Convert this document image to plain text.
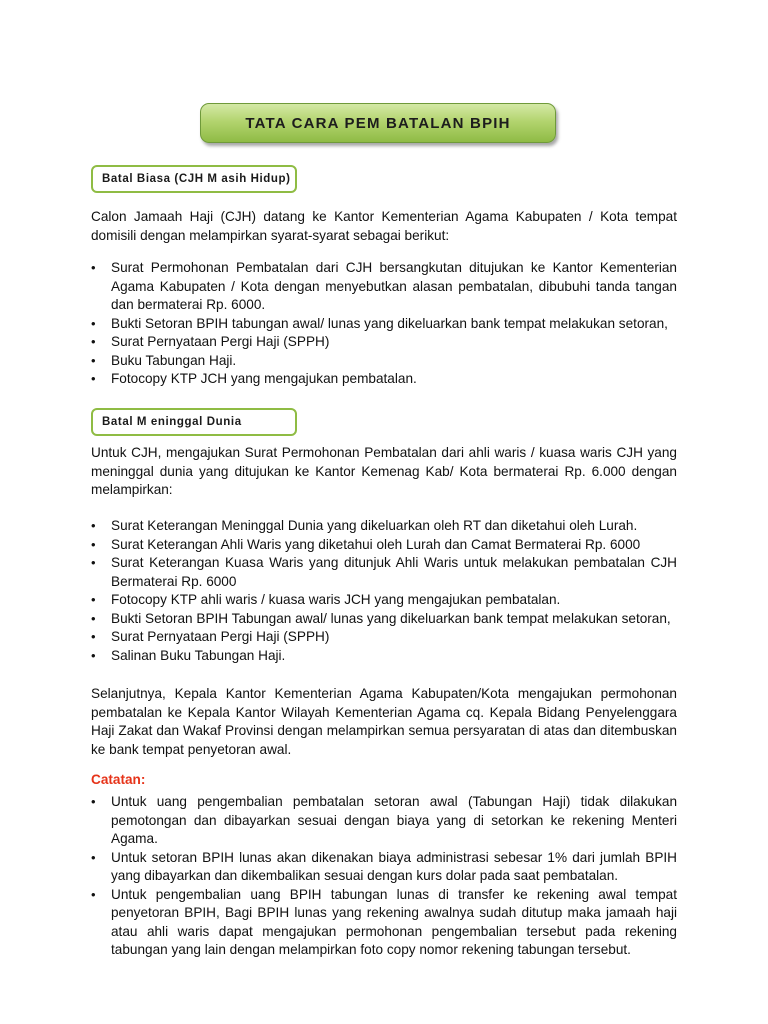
TATA CARA PEM BATALAN BPIH
Batal Biasa (CJH M asih Hidup)

Calon Jamaah Haji (CJH) datang ke Kantor Kementerian Agama Kabupaten / Kota tempat domisili dengan melampirkan syarat-syarat sebagai berikut:

• Surat Permohonan Pembatalan dari CJH bersangkutan ditujukan ke Kantor Kementerian Agama Kabupaten / Kota dengan menyebutkan alasan pembatalan, dibubuhi tanda tangan dan bermaterai Rp. 6000.
• Bukti Setoran BPIH tabungan awal/ lunas yang dikeluarkan bank tempat melakukan setoran,
• Surat Pernyataan Pergi Haji (SPPH)
• Buku Tabungan Haji.
• Fotocopy KTP JCH yang mengajukan pembatalan.
Batal M eninggal Dunia

Untuk CJH, mengajukan Surat Permohonan Pembatalan dari ahli waris / kuasa waris CJH yang meninggal dunia yang ditujukan ke Kantor Kemenag Kab/ Kota bermaterai Rp. 6.000 dengan melampirkan:

• Surat Keterangan Meninggal Dunia yang dikeluarkan oleh RT dan diketahui oleh Lurah.
• Surat Keterangan Ahli Waris yang diketahui oleh Lurah dan Camat Bermaterai Rp. 6000
• Surat Keterangan Kuasa Waris yang ditunjuk Ahli Waris untuk melakukan pembatalan CJH Bermaterai Rp. 6000
• Fotocopy KTP ahli waris / kuasa waris JCH yang mengajukan pembatalan.
• Bukti Setoran BPIH Tabungan awal/ lunas yang dikeluarkan bank tempat melakukan setoran,
• Surat Pernyataan Pergi Haji (SPPH)
• Salinan Buku Tabungan Haji.

Selanjutnya, Kepala Kantor Kementerian Agama Kabupaten/Kota mengajukan permohonan pembatalan ke Kepala Kantor Wilayah Kementerian Agama cq. Kepala Bidang Penyelenggara Haji Zakat dan Wakaf Provinsi dengan melampirkan semua persyaratan di atas dan ditembuskan ke bank tempat penyetoran awal.

Catatan:
• Untuk uang pengembalian pembatalan setoran awal (Tabungan Haji) tidak dilakukan pemotongan dan dibayarkan sesuai dengan biaya yang di setorkan ke rekening Menteri Agama.
• Untuk setoran BPIH lunas akan dikenakan biaya administrasi sebesar 1% dari jumlah BPIH yang dibayarkan dan dikembalikan sesuai dengan kurs dolar pada saat pembatalan.
• Untuk pengembalian uang BPIH tabungan lunas di transfer ke rekening awal tempat penyetoran BPIH, Bagi BPIH lunas yang rekening awalnya sudah ditutup maka jamaah haji atau ahli waris dapat mengajukan permohonan pengembalian tersebut pada rekening tabungan yang lain dengan melampirkan foto copy nomor rekening tabungan tersebut.
